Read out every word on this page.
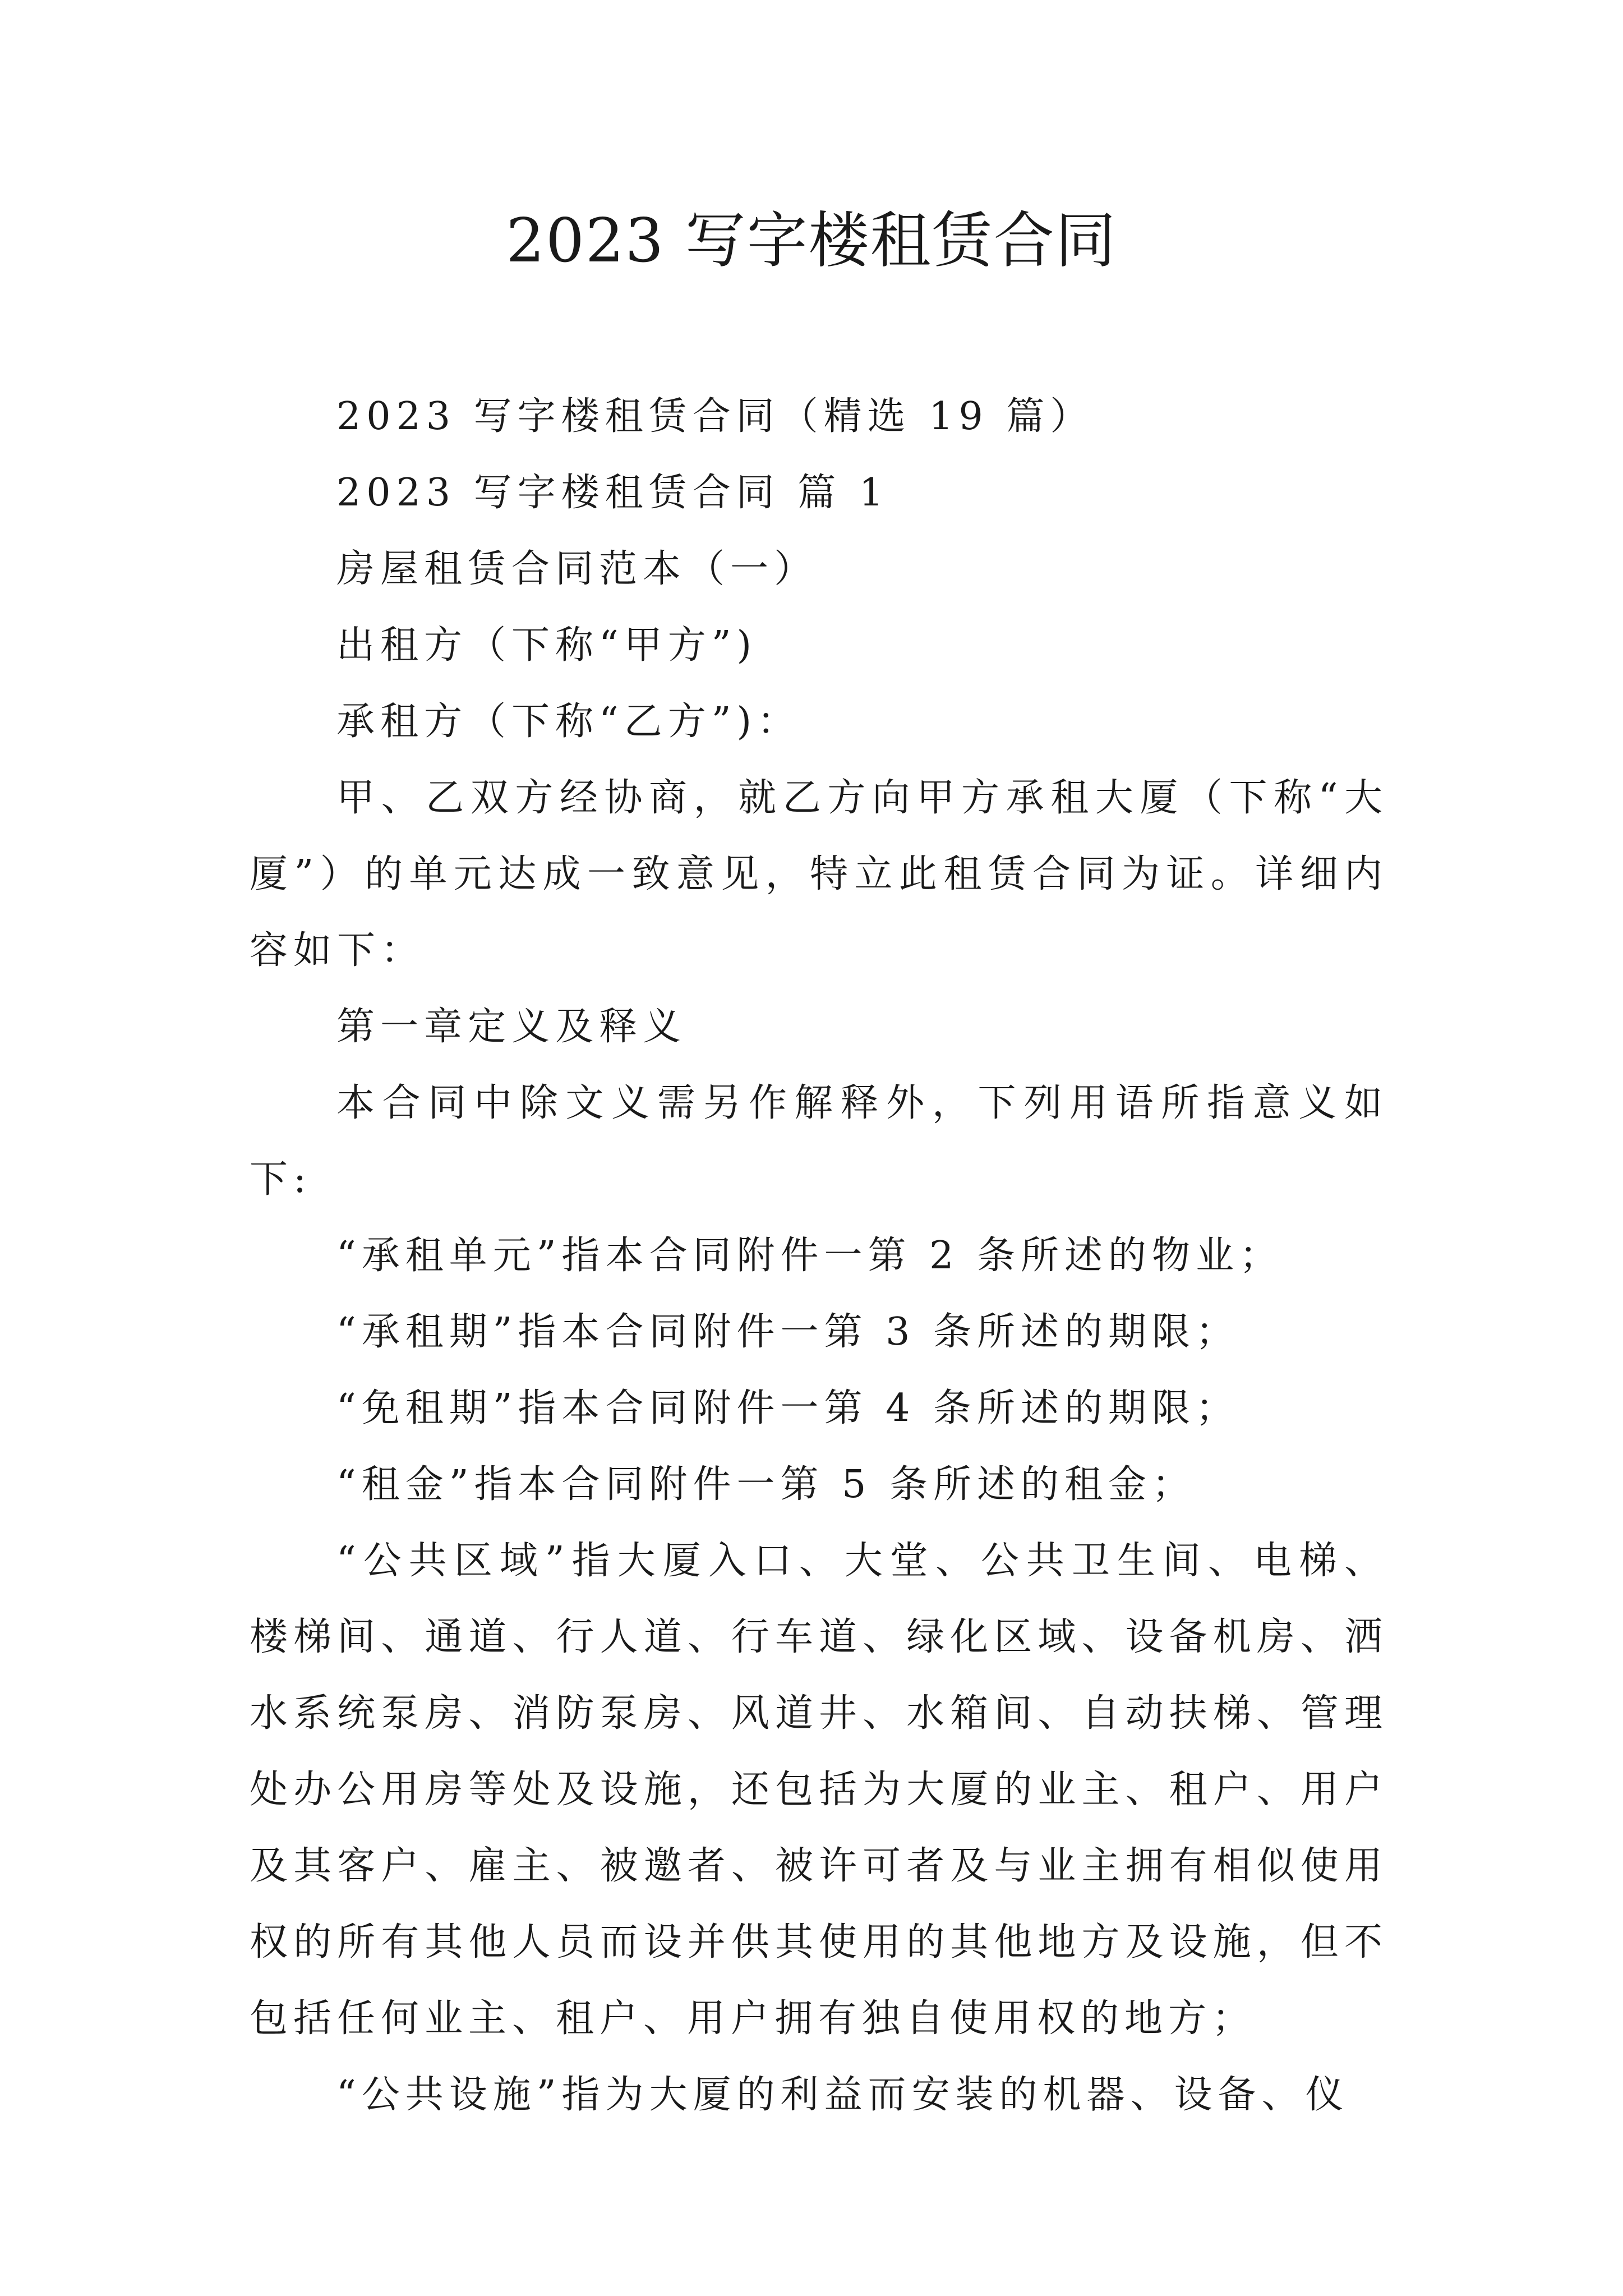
2023 写字楼租赁合同

2023 写字楼租赁合同（精选 19 篇）

2023 写字楼租赁合同 篇 1

房屋租赁合同范本（一）

出租方（下称“甲方”)

承租方（下称“乙方”)：

甲、乙双方经协商，就乙方向甲方承租大厦（下称“大厦”）的单元达成一致意见，特立此租赁合同为证。详细内容如下：

第一章定义及释义

本合同中除文义需另作解释外，下列用语所指意义如下:

“承租单元”指本合同附件一第 2 条所述的物业；

“承租期”指本合同附件一第 3 条所述的期限；

“免租期”指本合同附件一第 4 条所述的期限；

“租金”指本合同附件一第 5 条所述的租金；

“公共区域”指大厦入口、大堂、公共卫生间、电梯、楼梯间、通道、行人道、行车道、绿化区域、设备机房、洒水系统泵房、消防泵房、风道井、水箱间、自动扶梯、管理处办公用房等处及设施，还包括为大厦的业主、租户、用户及其客户、雇主、被邀者、被许可者及与业主拥有相似使用权的所有其他人员而设并供其使用的其他地方及设施，但不包括任何业主、租户、用户拥有独自使用权的地方；

“公共设施”指为大厦的利益而安装的机器、设备、仪
